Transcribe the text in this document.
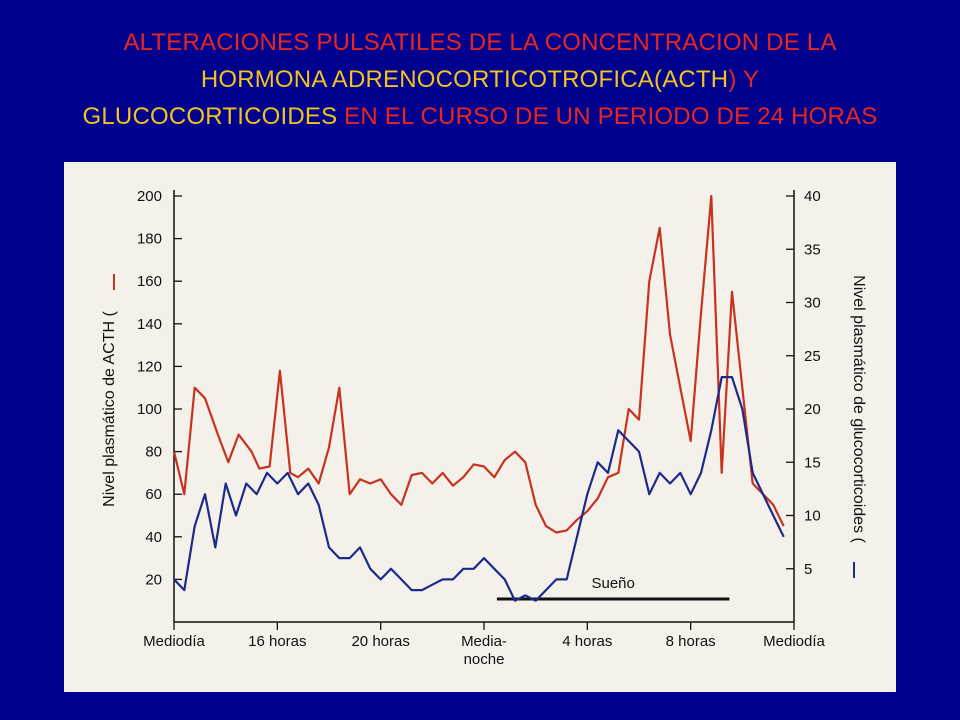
ALTERACIONES PULSATILES DE LA CONCENTRACION DE LA
HORMONA ADRENOCORTICOTROFICA(ACTH) Y
GLUCOCORTICOIDES EN EL CURSO DE UN PERIODO DE 24 HORAS
20
40
60
80
100
120
140
160
180
200
5
10
15
20
25
30
35
40
Mediodía	16 horas	20 horas	Media-
noche
4 horas	8 horas	Mediodía
Nivel plasmático de ACTH (	Nivel plasmático de glucocorticoides (
Sueño
